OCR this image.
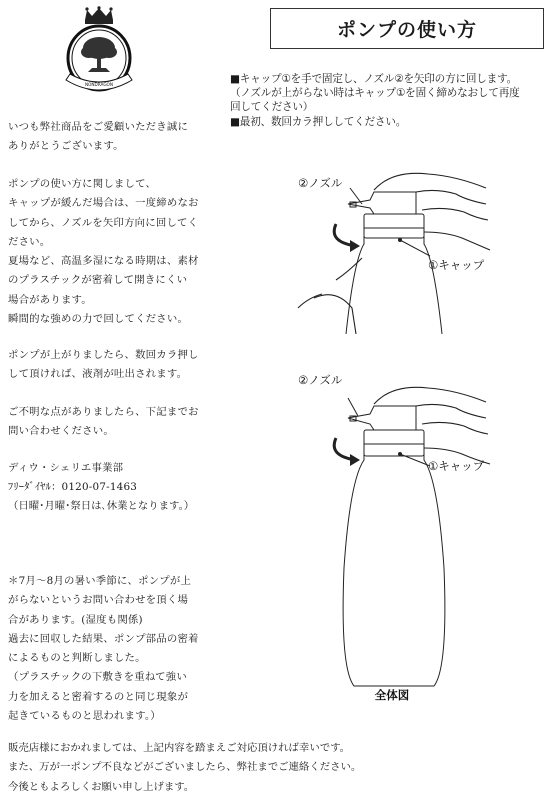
NONDRAGON

いつも弊社商品をご愛顧いただき誠に
ありがとうございます。

ポンプの使い方に関しまして、
キャップが緩んだ場合は、一度締めなお
してから、ノズルを矢印方向に回してく
ださい。
夏場など、高温多湿になる時期は、素材
のプラスチックが密着して開きにくい
場合があります。
瞬間的な強めの力で回してください。

ポンプが上がりましたら、数回カラ押し
して頂ければ、液剤が吐出されます。

ご不明な点がありましたら、下記までお
問い合わせください。

ディウ・シェリエ事業部

ﾌﾘｰﾀﾞｲﾔﾙ：0120-07-1463

（日曜･月曜･祭日は､休業となります。）

＊7月～8月の暑い季節に、ポンプが上
がらないというお問い合わせを頂く場
合があります。(湿度も関係)
過去に回収した結果、ポンプ部品の密着
によるものと判断しました。
（プラスチックの下敷きを重ねて強い
力を加えると密着するのと同じ現象が
起きているものと思われます。）

ポンプの使い方
■キャップ①を手で固定し、ノズル②を矢印の方に回します。
（ノズルが上がらない時はキャップ①を固く締めなおして再度
回してください）
■最初、数回カラ押ししてください。
②ノズル
①キャップ
②ノズル
①キャップ
全体図

販売店様におかれましては、上記内容を踏まえご対応頂ければ幸いです。

また、万が一ポンプ不良などがございましたら、弊社までご連絡ください。

今後ともよろしくお願い申し上げます。
